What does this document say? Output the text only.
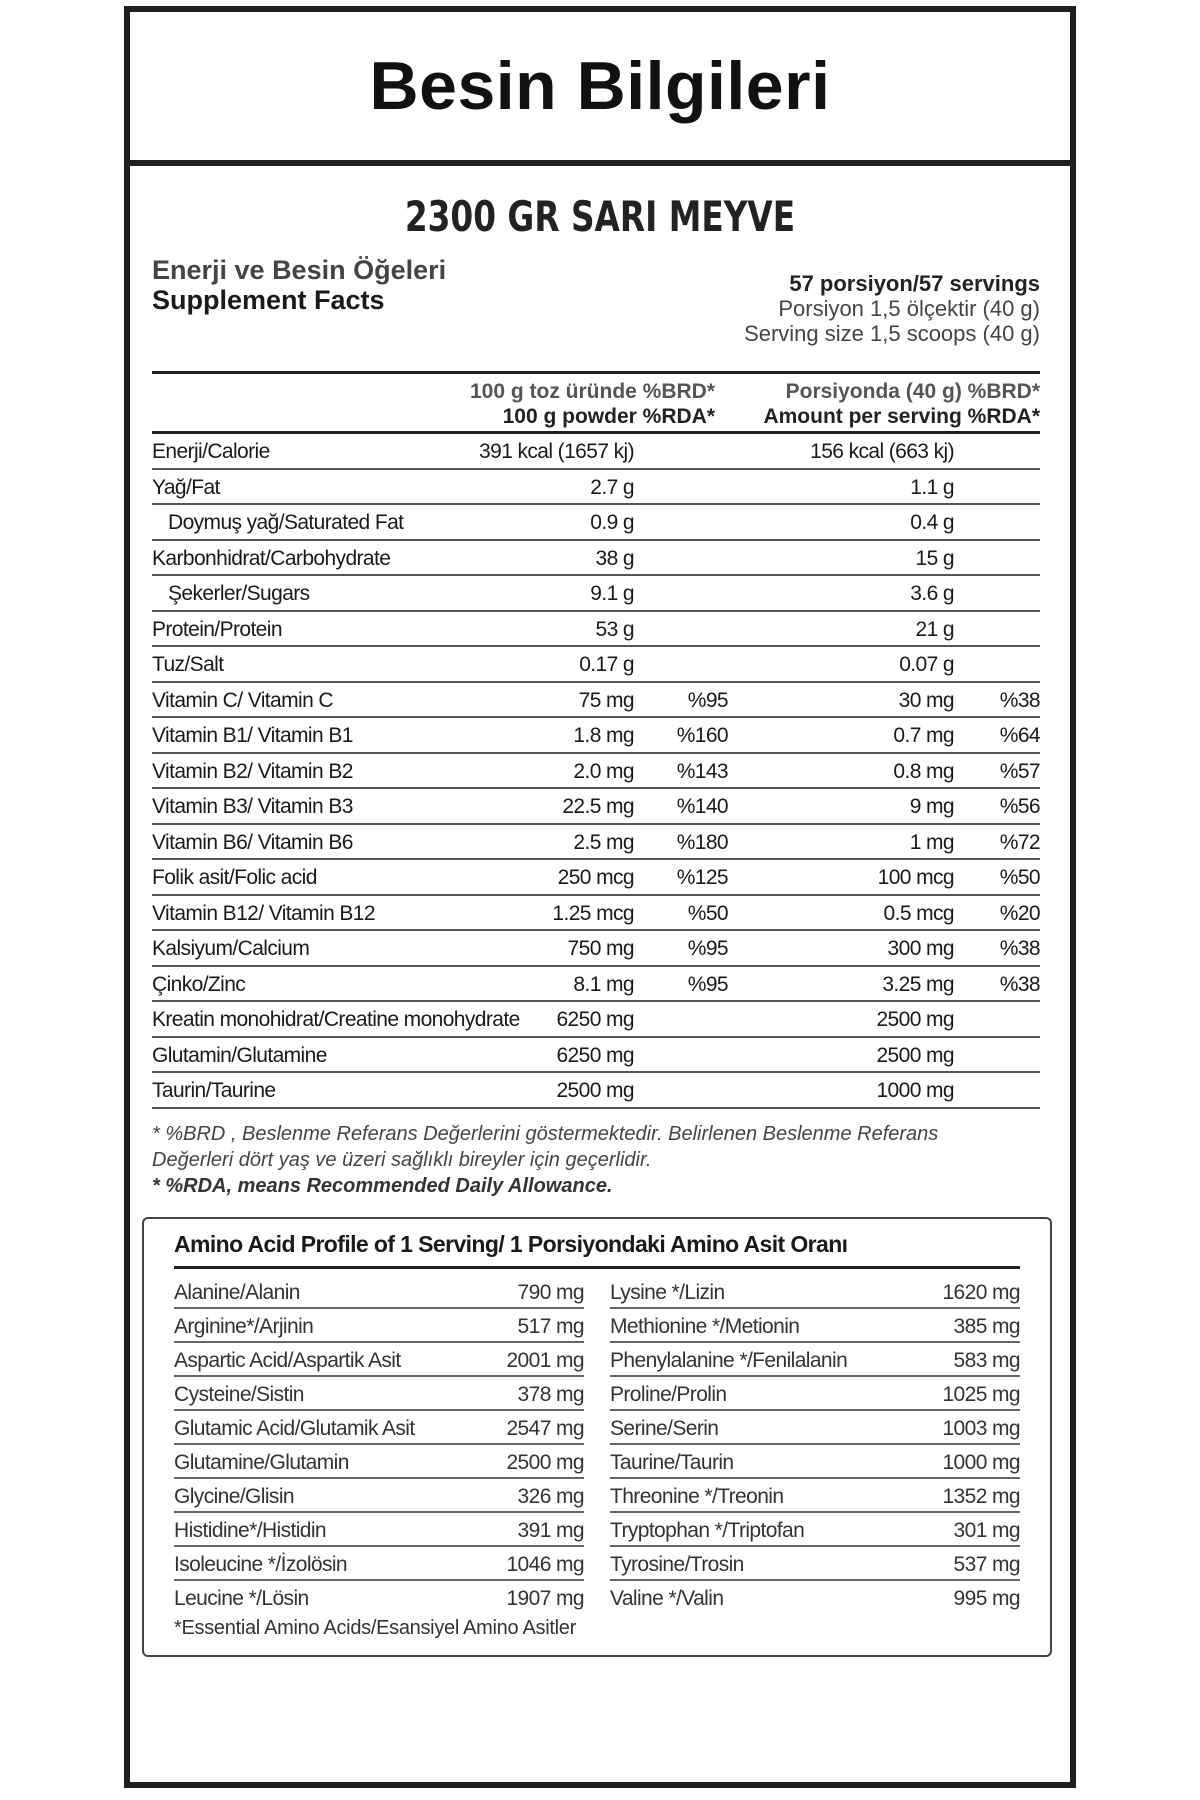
Besin Bilgileri
2300 GR SARI MEYVE
Enerji ve Besin Öğeleri
Supplement Facts
57 porsiyon/57 servings
Porsiyon 1,5 ölçektir (40 g)
Serving size 1,5 scoops (40 g)
100 g toz üründe %BRD*
100 g powder %RDA*
Porsiyonda (40 g) %BRD*
Amount per serving %RDA*
Enerji/Calorie	391 kcal (1657 kj)	156 kcal (663 kj)
Yağ/Fat	2.7 g	1.1 g
Doymuş yağ/Saturated Fat	0.9 g	0.4 g
Karbonhidrat/Carbohydrate	38 g	15 g
Şekerler/Sugars	9.1 g	3.6 g
Protein/Protein	53 g	21 g
Tuz/Salt	0.17 g	0.07 g
Vitamin C/ Vitamin C	75 mg	%95	30 mg %38
Vitamin B1/ Vitamin B1	1.8 mg %160	0.7 mg %64
Vitamin B2/ Vitamin B2	2.0 mg %143	0.8 mg %57
Vitamin B3/ Vitamin B3	22.5 mg %140	9 mg %56
Vitamin B6/ Vitamin B6	2.5 mg %180	1 mg %72
Folik asit/Folic acid	250 mcg %125	100 mcg %50
Vitamin B12/ Vitamin B12	1.25 mcg	%50	0.5 mcg %20
Kalsiyum/Calcium	750 mg	%95	300 mg %38
Çinko/Zinc	8.1 mg	%95	3.25 mg %38
Kreatin monohidrat/Creatine monohydrate 6250 mg	2500 mg
Glutamin/Glutamine	6250 mg	2500 mg
Taurin/Taurine	2500 mg	1000 mg
* %BRD , Beslenme Referans Değerlerini göstermektedir. Belirlenen Beslenme Referans
Değerleri dört yaş ve üzeri sağlıklı bireyler için geçerlidir.
* %RDA, means Recommended Daily Allowance.
Amino Acid Profile of 1 Serving/ 1 Porsiyondaki Amino Asit Oranı
Alanine/Alanin	790 mg
Arginine*/Arjinin	517 mg
Aspartic Acid/Aspartik Asit	2001 mg
Cysteine/Sistin	378 mg
Glutamic Acid/Glutamik Asit	2547 mg
Glutamine/Glutamin	2500 mg
Glycine/Glisin	326 mg
Histidine*/Histidin	391 mg
Isoleucine */İzolösin	1046 mg
Leucine */Lösin	1907 mg
Lysine */Lizin	1620 mg
Methionine */Metionin	385 mg
Phenylalanine */Fenilalanin	583 mg
Proline/Prolin	1025 mg
Serine/Serin	1003 mg
Taurine/Taurin	1000 mg
Threonine */Treonin	1352 mg
Tryptophan */Triptofan	301 mg
Tyrosine/Trosin	537 mg
Valine */Valin	995 mg
*Essential Amino Acids/Esansiyel Amino Asitler
